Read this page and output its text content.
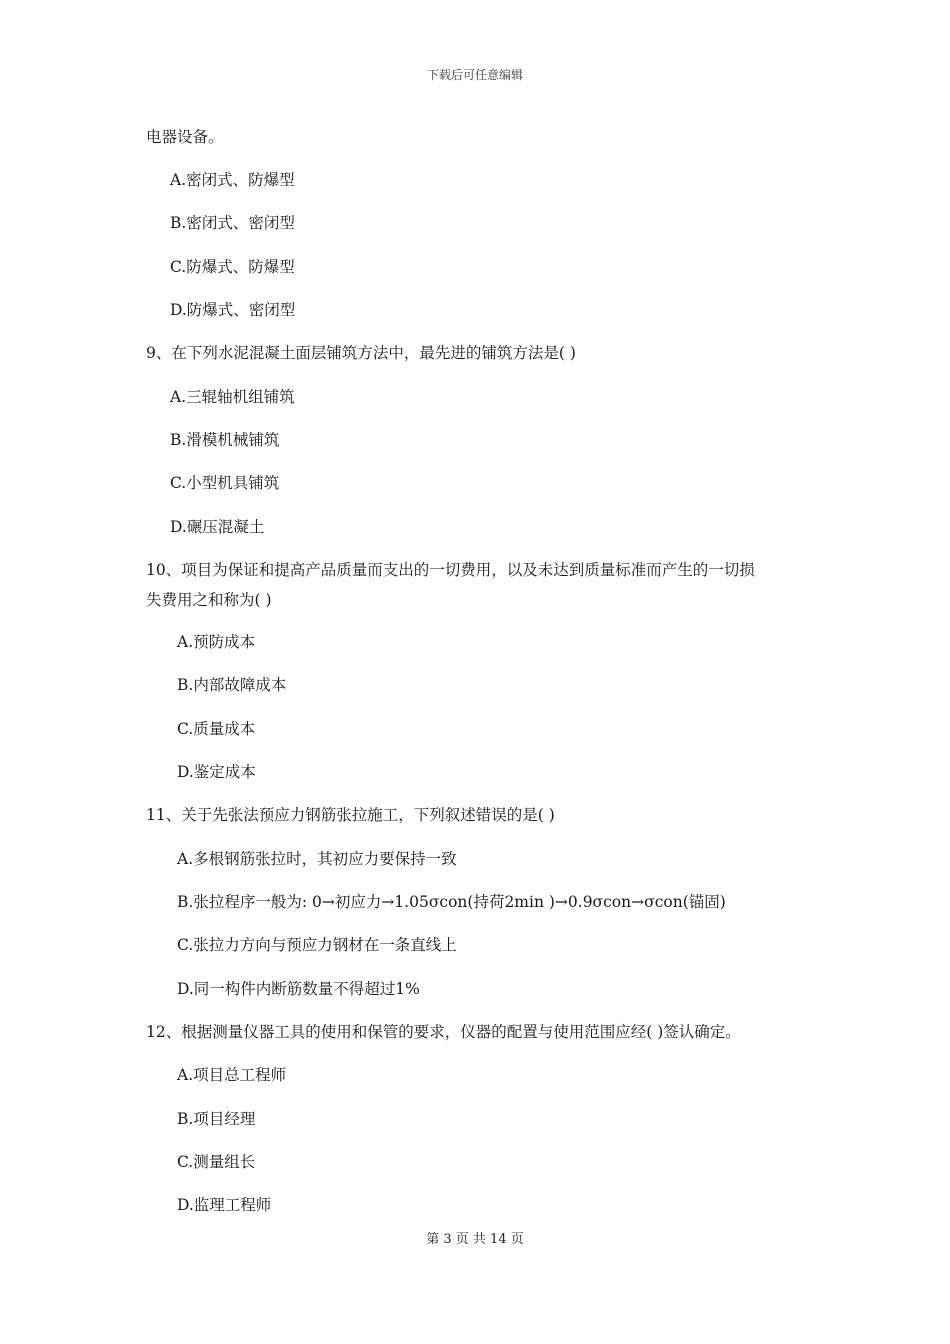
下载后可任意编辑
电器设备。
A.密闭式、防爆型
B.密闭式、密闭型
C.防爆式、防爆型
D.防爆式、密闭型
9、在下列水泥混凝土面层铺筑方法中，最先进的铺筑方法是( )
A.三辊轴机组铺筑
B.滑模机械铺筑
C.小型机具铺筑
D.碾压混凝土
10、项目为保证和提高产品质量而支出的一切费用，以及未达到质量标准而产生的一切损
失费用之和称为( )
A.预防成本
B.内部故障成本
C.质量成本
D.鉴定成本
11、关于先张法预应力钢筋张拉施工，下列叙述错误的是( )
A.多根钢筋张拉时，其初应力要保持一致
B.张拉程序一般为: 0→初应力→1.05σcon(持荷2min )→0.9σcon→σcon(锚固)
C.张拉力方向与预应力钢材在一条直线上
D.同一构件内断筋数量不得超过1%
12、根据测量仪器工具的使用和保管的要求，仪器的配置与使用范围应经( )签认确定。
A.项目总工程师
B.项目经理
C.测量组长
D.监理工程师
第 3 页 共 14 页
